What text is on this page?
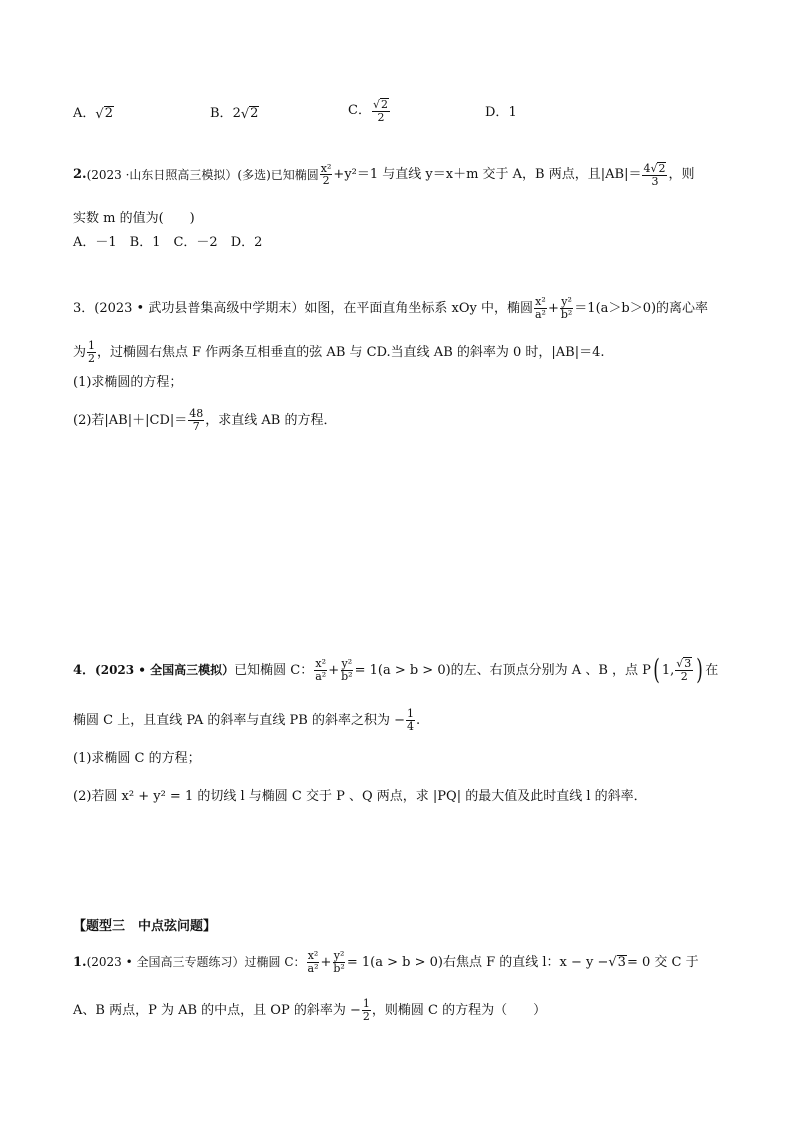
A． √ 2	B． 2 √ 2	C． $\frac{√ 2}{2}$	D． 1
2. (2023 ·山东日照高三模拟）(多选)已知椭圆 $\frac{\text{x²}}{2} +y^2=1$ 与直线 y＝x＋m 交于 A，B 两点，且$|AB|= \frac{4 √ 2}{3}$ ，则
实数 m 的值为(　　)
A．－1　B．1　C．－2　D．2
3．(2023 • 武功县普集高级中学期末）如图，在平面直角坐标系 xOy 中，椭圆 $\frac{\text{x²}}{\text{a²}} + \frac{\text{y²}}{\text{b²}} =1(a>b>0)$的离心率
为 $\frac{1}{2}$ ，过椭圆右焦点 F 作两条互相垂直的弦 AB 与 CD.当直线 AB 的斜率为 0 时，|AB|＝4.
(1)求椭圆的方程；
(2)若$|AB|+|CD|= \frac{48}{7}$ ，求直线 AB 的方程．
4． (2023 • 全国高三模拟） 已知椭圆 C： $\frac{\text{x²}}{\text{a²}} + \frac{\text{y²}}{\text{b²}} = 1(a > b > 0)$的左、右顶点分别为 A 、B ，点 P ( 1, $\frac{√ 3}{2}$ ) 在
椭圆 C 上，且直线 PA 的斜率与直线 PB 的斜率之积为 − $\frac{1}{4}$ .
(1)求椭圆 C 的方程；
(2)若圆 x² + y² = 1 的切线 l 与椭圆 C 交于 P 、Q 两点，求 |PQ| 的最大值及此时直线 l 的斜率．
【题型三　中点弦问题】
1. (2023 • 全国高三专题练习）过椭圆 C： $\frac{\text{x²}}{\text{a²}} + \frac{\text{y²}}{\text{b²}} = 1(a > b > 0)$右焦点 F 的直线 l：x − y − √ 3 = 0 交 C 于
A、B 两点，P 为 AB 的中点，且 OP 的斜率为 − $\frac{1}{2}$ ，则椭圆 C 的方程为（　　）
